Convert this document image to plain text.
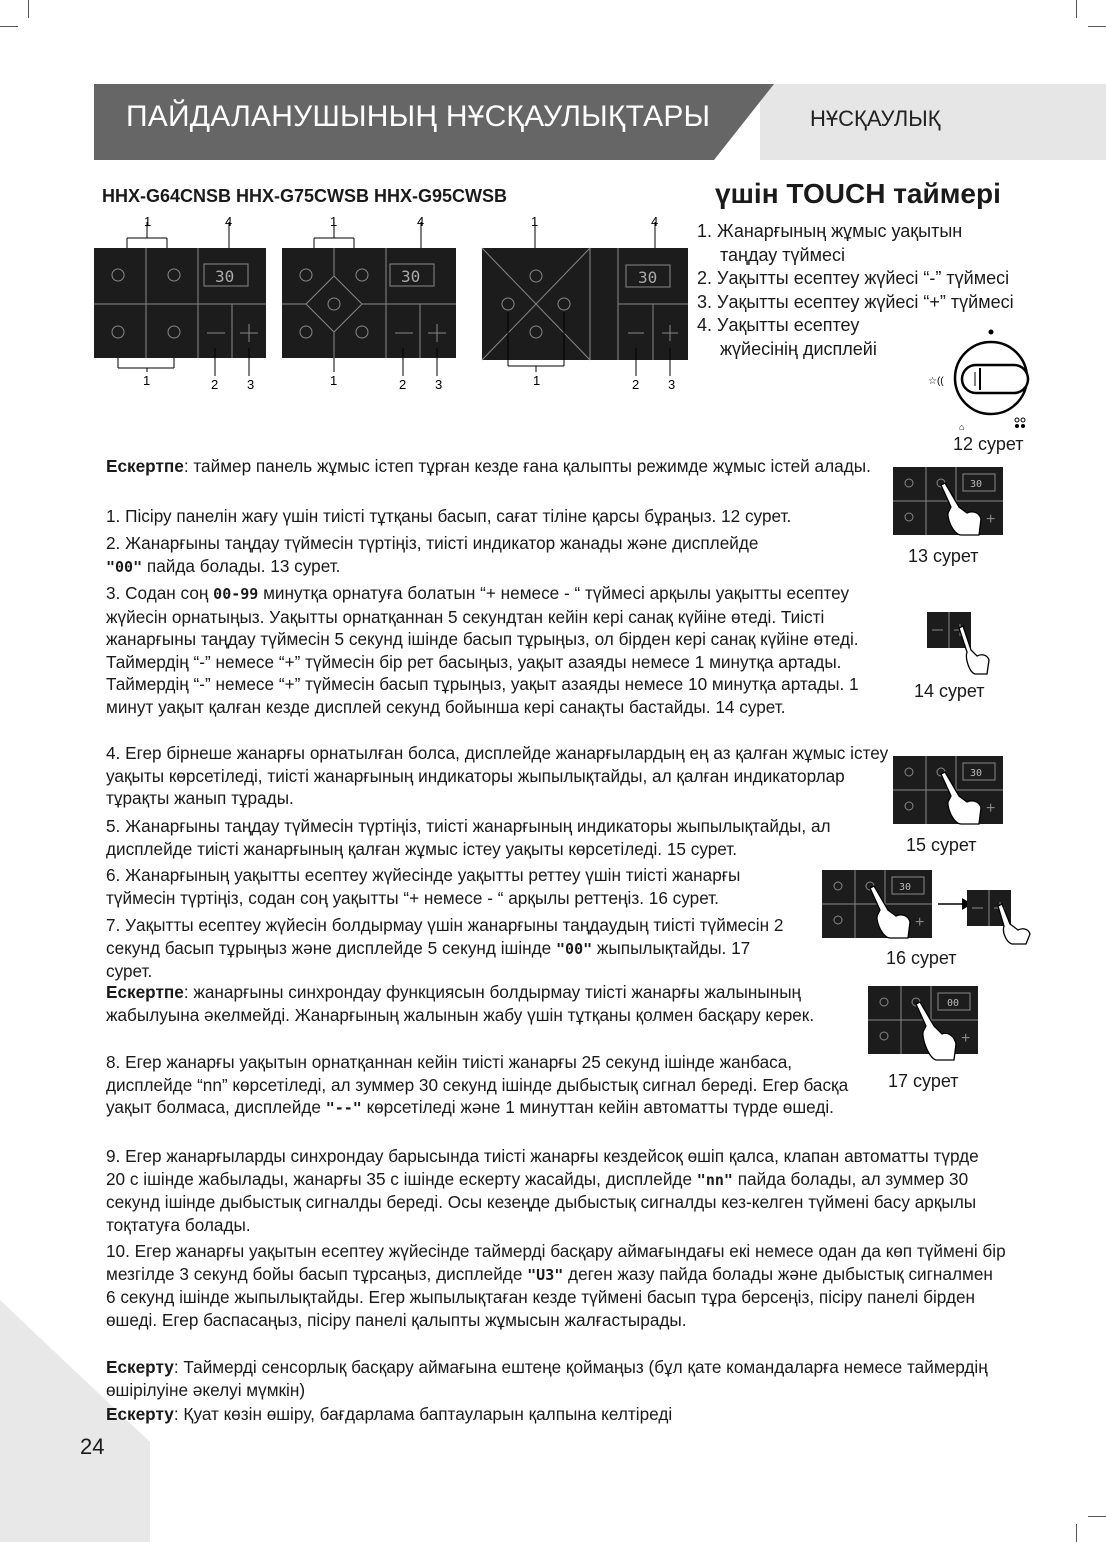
ПАЙДАЛАНУШЫНЫҢ НҰСҚАУЛЫҚТАРЫ	НҰСҚАУЛЫҚ
HHX-G64CNSB HHX-G75CWSB HHX-G95CWSB	үшін TOUCH таймері
1. Жанарғының жұмыс уақытын
таңдау түймесі
2. Уақытты есептеу жүйесі “-” түймесі
3. Уақытты есептеу жүйесі “+” түймесі
4. Уақытты есептеу
жүйесінің дисплейі
1	4
30
1	2 3
1	4
30
1	2 3
1	4
30
1	2 3	☆((
⌂
12 сурет
30
+
13 сурет
14 сурет
30
+
15 сурет
30
+
16 сурет
00
+
17 сурет

Ескертпе: таймер панель жұмыс істеп тұрған кезде ғана қалыпты режимде жұмыс істей алады.

1. Пісіру панелін жағу үшін тиісті тұтқаны басып, сағат тіліне қарсы бұраңыз. 12 сурет.

2. Жанарғыны таңдау түймесін түртіңіз, тиісті индикатор жанады және дисплейде
"00" пайда болады. 13 сурет.

3. Содан соң 00-99 минутқа орнатуға болатын “+ немесе - “ түймесі арқылы уақытты есептеу жүйесін орнатыңыз. Уақытты орнатқаннан 5 секундтан кейін кері санақ күйіне өтеді. Тиісті жанарғыны таңдау түймесін 5 секунд ішінде басып тұрыңыз, ол бірден кері санақ күйіне өтеді. Таймердің “-” немесе “+” түймесін бір рет басыңыз, уақыт азаяды немесе 1 минутқа артады. Таймердің “-” немесе “+” түймесін басып тұрыңыз, уақыт азаяды немесе 10 минутқа артады. 1 минут уақыт қалған кезде дисплей секунд бойынша кері санақты бастайды. 14 сурет.

4. Егер бірнеше жанарғы орнатылған болса, дисплейде жанарғылардың ең аз қалған жұмыс істеу уақыты көрсетіледі, тиісті жанарғының индикаторы жыпылықтайды, ал қалған индикаторлар тұрақты жанып тұрады.

5. Жанарғыны таңдау түймесін түртіңіз, тиісті жанарғының индикаторы жыпылықтайды, ал дисплейде тиісті жанарғының қалған жұмыс істеу уақыты көрсетіледі. 15 сурет.

6. Жанарғының уақытты есептеу жүйесінде уақытты реттеу үшін тиісті жанарғы түймесін түртіңіз, содан соң уақытты “+ немесе - “ арқылы реттеңіз. 16 сурет.

7. Уақытты есептеу жүйесін болдырмау үшін жанарғыны таңдаудың тиісті түймесін 2 секунд басып тұрыңыз және дисплейде 5 секунд ішінде "00" жыпылықтайды. 17 сурет.

Ескертпе: жанарғыны синхрондау функциясын болдырмау тиісті жанарғы жалынының жабылуына әкелмейді. Жанарғының жалынын жабу үшін тұтқаны қолмен басқару керек.

8. Егер жанарғы уақытын орнатқаннан кейін тиісті жанарғы 25 секунд ішінде жанбаса, дисплейде “nn” көрсетіледі, ал зуммер 30 секунд ішінде дыбыстық сигнал береді. Егер басқа уақыт болмаса, дисплейде "--" көрсетіледі және 1 минуттан кейін автоматты түрде өшеді.

9. Егер жанарғыларды синхрондау барысында тиісті жанарғы кездейсоқ өшіп қалса, клапан автоматты түрде 20 с ішінде жабылады, жанарғы 35 с ішінде ескерту жасайды, дисплейде "nn" пайда болады, ал зуммер 30 секунд ішінде дыбыстық сигналды береді. Осы кезеңде дыбыстық сигналды кез-келген түймені басу арқылы тоқтатуға болады.

10. Егер жанарғы уақытын есептеу жүйесінде таймерді басқару аймағындағы екі немесе одан да көп түймені бір мезгілде 3 секунд бойы басып тұрсаңыз, дисплейде "U3" деген жазу пайда болады және дыбыстық сигналмен 6 секунд ішінде жыпылықтайды. Егер жыпылықтаған кезде түймені басып тұра берсеңіз, пісіру панелі бірден өшеді. Егер баспасаңыз, пісіру панелі қалыпты жұмысын жалғастырады.

Ескерту: Таймерді сенсорлық басқару аймағына ештеңе қоймаңыз (бұл қате командаларға немесе таймердің өшірілуіне әкелуі мүмкін)

Ескерту: Қуат көзін өшіру, бағдарлама баптауларын қалпына келтіреді

24
